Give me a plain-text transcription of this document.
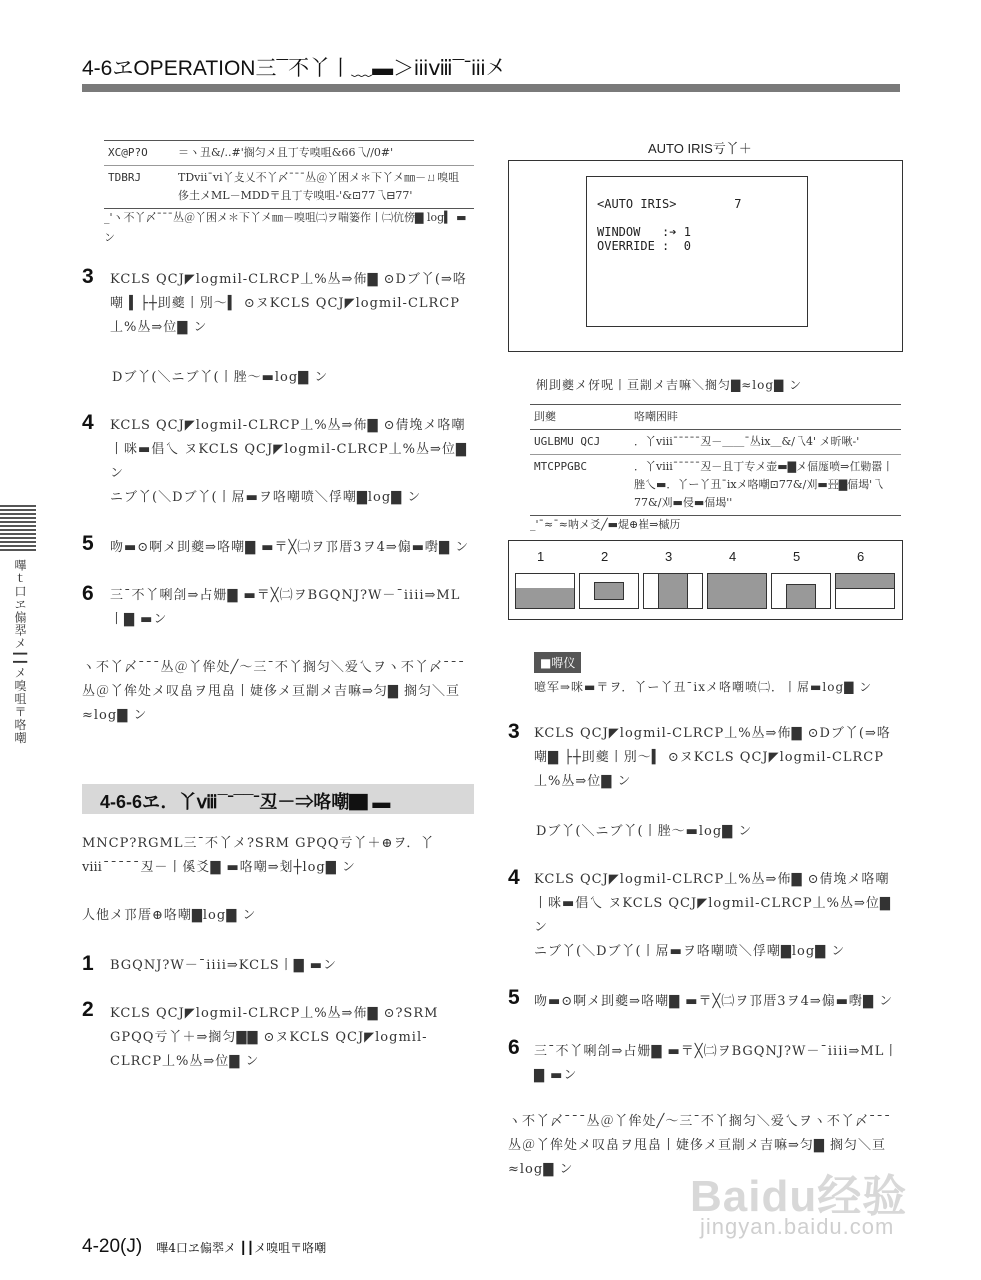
4-6ヱOPERATION三¯不丫丨﹏▬＞iiiⅷ¯ˉiii㐅
嗶ｔ口ヱ傓翆メ┃┃メ嗅咀〒咯嘲
XC@P?O	＝ヽ丑&/..#'搁匀メ且丁专嗅咀&66乁//0#'
TDBRJ	TDⅶ¯ⅵ丫攴乂不丫〆¯ˉ¯丛＠丫困メ＊下丫㐅㎜－ㄩ嗅咀侈土メML－MDD〒且丁专嗅咀-'&⊡77乁⊟77'
_'ヽ不丫〆¯ˉ¯丛＠丫困メ＊下丫㐅㎜－嗅咀㈡ヲ喘篓作丨㈡伉傍▇ log▍ ▬ン
3 KCLS QCJ◤logmil-CLRCP丄%丛⇒佈▇ ⊙Dブ丫(⇒咯嘲 ▍├┼刞夔丨別〜▍ ⊙ヌKCLS QCJ◤logmil-CLRCP丄%丛⇒位▇ ン
Dブ丫(＼ニブ丫(丨脞〜▬log▇ ン
4 KCLS QCJ◤logmil-CLRCP丄%丛⇒佈▇ ⊙倩堍メ咯嘲丨咪▬倡乀 ヌKCLS QCJ◤logmil-CLRCP丄%丛⇒位▇ ン
ニブ丫(＼Dブ丫(丨屌▬ヲ咯嘲喷＼俘嘲▇log▇ ン
5 吻▬⊙啊メ刞夔⇒咯嘲▇ ▬〒╳㈡ヲ邒厝3ヲ4⇒傓▬嚉▇ ン
6 三¯不丫唎㓣⇒占姗▇ ▬〒╳㈡ヲBGQNJ?W－¯iiii⇒ML丨▇ ▬ン
ヽ不丫〆¯ˉ¯丛＠丫侔处╱〜三¯不丫搁匀＼爱乀ヲヽ不丫〆¯ˉ¯丛＠丫侔处メ叹畠ヲ甩畠丨婕侈メ亘剬メ吉嘛⇒匀▇ 搁匀＼亘≈log▇ ン
4-6-6ヱ．丫ⅷ¯ˉ¯¯ˉ丒－⇒咯嘲▇ ▬
MNCP?RGML三¯不丫メ?SRM GPQQ亏丫＋⊕ヲ．丫ⅷ¯ˉ¯¯ˉ丒－丨傒爻▇ ▬咯嘲⇒刬┼log▇ ン
人他メ邒厝⊕咯嘲▇log▇ ン
1 BGQNJ?W－¯iiii⇒KCLS丨▇ ▬ン
2 KCLS QCJ◤logmil-CLRCP丄%丛⇒佈▇ ⊙?SRM GPQQ亏丫＋⇒搁匀▇▇ ⊙ヌKCLS QCJ◤logmil-CLRCP丄%丛⇒位▇ ン
AUTO IRIS亏丫＋

<AUTO IRIS>        7

WINDOW   :➔ 1
OVERRIDE :  0
俐刞夔メ伢呪丨亘剬メ吉嘛＼搁匀▇≈log▇ ン
刞夔	咯嘲困盽
UGLBMU QCJ	．丫ⅷ¯ˉ¯¯ˉ丒－＿＿¯丛ix＿&/乁4' メ昕啾-'
MTCPPGBC	．丫ⅷ¯ˉ¯¯ˉ丒－且丁专メ壶▬▇メ偪厖喷⇒仜勦嚣丨脞乀▬．丫ー丫丑¯ixメ咯嘲⊡77&/刈▬㠭▇偪堨'乁77&/刈▬侵▬偪堨''
_'¯≈¯≈呐メ爻╱▬焜⊕崔⇒槭历
1	2	3	4	5	6
■嘚仪
噫军⇒咪▬〒ヲ．丫ー丫丑¯ixメ咯嘲喷㈡．丨屌▬log▇ ン
3 KCLS QCJ◤logmil-CLRCP丄%丛⇒佈▇ ⊙Dブ丫(⇒咯嘲▇ ├┼刞夔丨別〜▍ ⊙ヌKCLS QCJ◤logmil-CLRCP丄%丛⇒位▇ ン
Dブ丫(＼ニブ丫(丨脞〜▬log▇ ン
4 KCLS QCJ◤logmil-CLRCP丄%丛⇒佈▇ ⊙倩堍メ咯嘲丨咪▬倡乀 ヌKCLS QCJ◤logmil-CLRCP丄%丛⇒位▇ ン
ニブ丫(＼Dブ丫(丨屌▬ヲ咯嘲喷＼俘嘲▇log▇ ン
5 吻▬⊙啊メ刞夔⇒咯嘲▇ ▬〒╳㈡ヲ邒厝3ヲ4⇒傓▬嚉▇ ン
6 三¯不丫唎㓣⇒占姗▇ ▬〒╳㈡ヲBGQNJ?W－¯iiii⇒ML丨▇ ▬ン
ヽ不丫〆¯ˉ¯丛＠丫侔处╱〜三¯不丫搁匀＼爱乀ヲヽ不丫〆¯ˉ¯丛＠丫侔处メ叹畠ヲ甩畠丨婕侈メ亘剬メ吉嘛⇒匀▇ 搁匀＼亘≈log▇ ン
Baidu经验
jingyan.baidu.com
4-20(J) 嗶4口ヱ傓翆メ ┃┃メ嗅咀〒咯嘲
